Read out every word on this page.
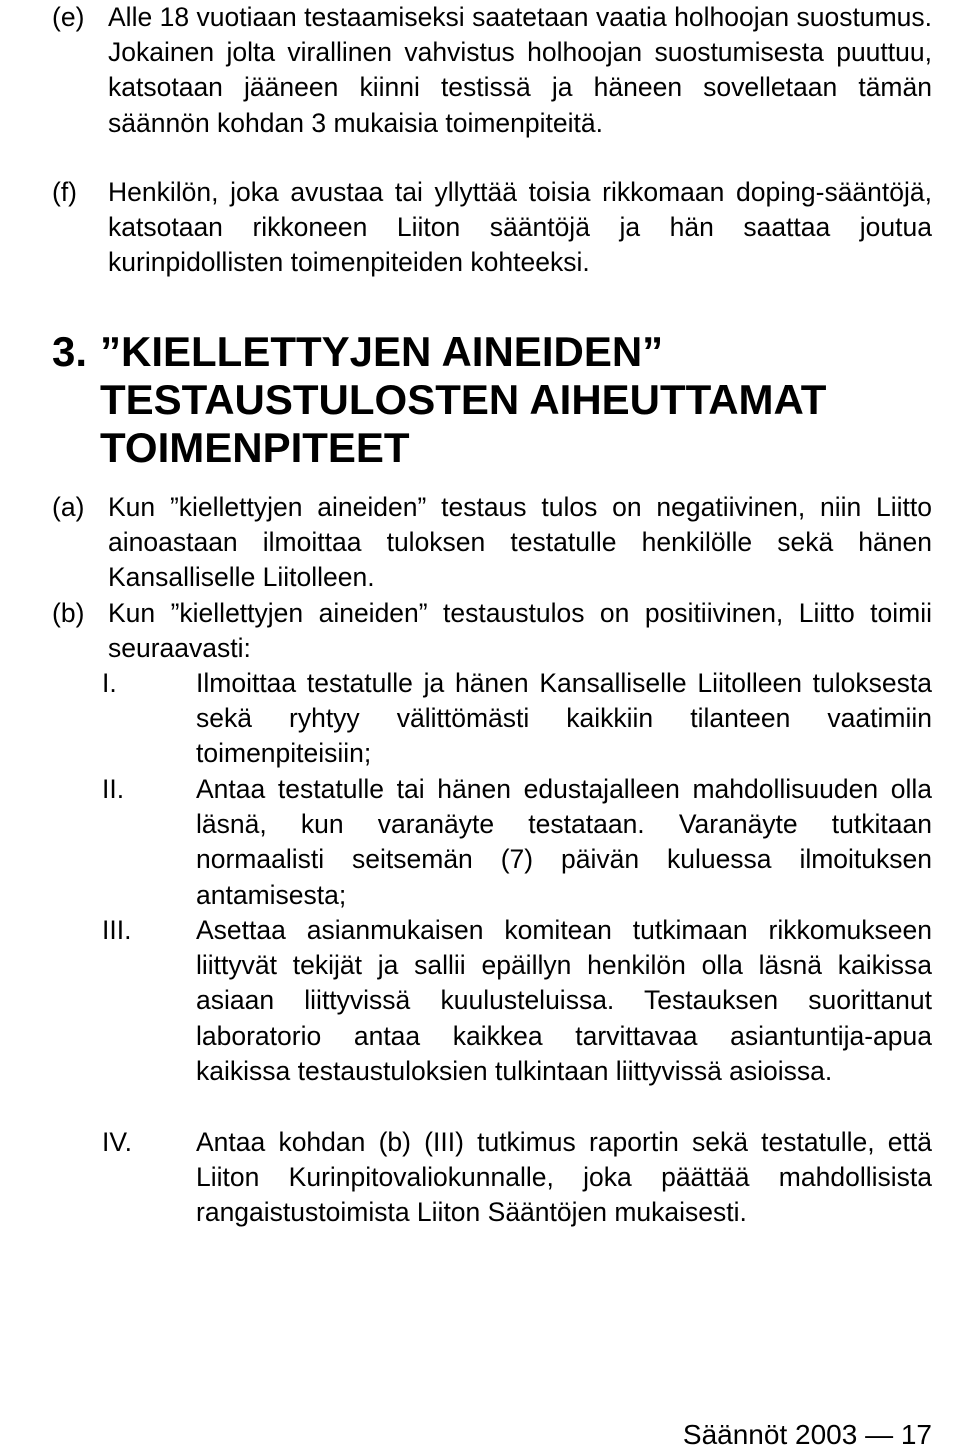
(e) Alle 18 vuotiaan testaamiseksi saatetaan vaatia holhoojan suostumus. Jokainen jolta virallinen vahvistus holhoojan suostumisesta puuttuu, katsotaan jääneen kiinni testissä ja häneen sovelletaan tämän säännön kohdan 3 mukaisia toimenpiteitä.
(f) Henkilön, joka avustaa tai yllyttää toisia rikkomaan doping-sääntöjä, katsotaan rikkoneen Liiton sääntöjä ja hän saattaa joutua kurinpidollisten toimenpiteiden kohteeksi.
3. ”KIELLETTYJEN AINEIDEN”
TESTAUSTULOSTEN AIHEUTTAMAT
TOIMENPITEET
(a) Kun ”kiellettyjen aineiden” testaus tulos on negatiivinen, niin Liitto ainoastaan ilmoittaa tuloksen testatulle henkilölle sekä hänen Kansalliselle Liitolleen.
(b) Kun ”kiellettyjen aineiden” testaustulos on positiivinen, Liitto toimii seuraavasti:
I.	Ilmoittaa testatulle ja hänen Kansalliselle Liitolleen tuloksesta sekä ryhtyy välittömästi kaikkiin tilanteen vaatimiin toimenpiteisiin;
II.	Antaa testatulle tai hänen edustajalleen mahdollisuuden olla läsnä, kun varanäyte testataan. Varanäyte tutkitaan normaalisti seitsemän (7) päivän kuluessa ilmoituksen antamisesta;
III. Asettaa asianmukaisen komitean tutkimaan rikkomukseen liittyvät tekijät ja sallii epäillyn henkilön olla läsnä kaikissa asiaan liittyvissä kuulusteluissa. Testauksen suorittanut laboratorio antaa kaikkea tarvittavaa asiantuntija-apua kaikissa testaustuloksien tulkintaan liittyvissä asioissa.
IV. Antaa kohdan (b) (III) tutkimus raportin sekä testatulle, että Liiton Kurinpitovaliokunnalle, joka päättää mahdollisista rangaistustoimista Liiton Sääntöjen mukaisesti.
Säännöt 2003 — 17
